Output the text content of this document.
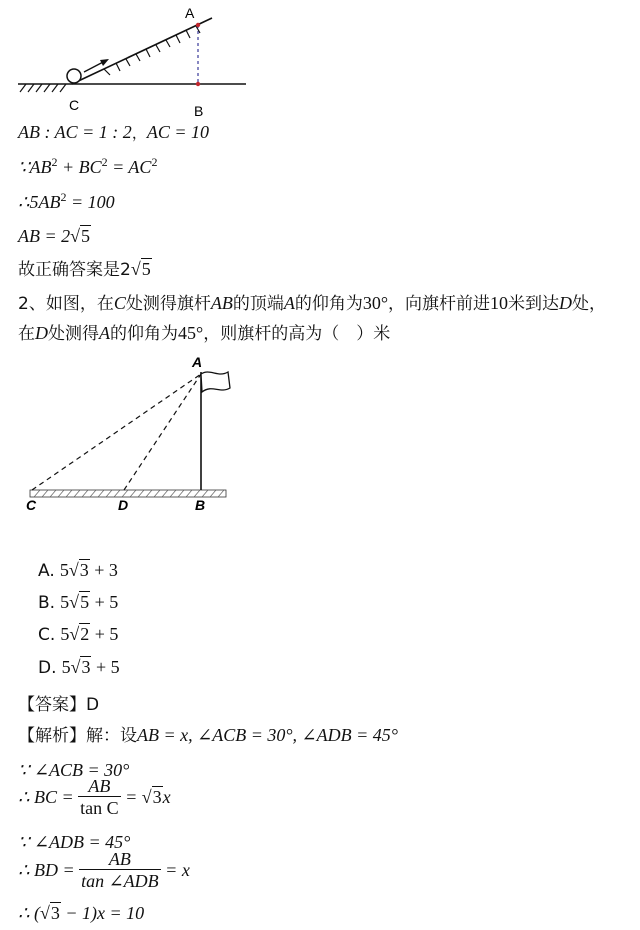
A
B
C
AB : AC = 1 : 2，AC = 10
$\because AB^2 + BC^2 = AC^2$
$\therefore 5AB^2 = 100$
AB = 2√5
故正确答案是2√5
2、如图，在C处测得旗杆AB的顶端A的仰角为30°，向旗杆前进10米到达D处，
在D处测得A的仰角为45°，则旗杆的高为（　）米
A
C	D	B
A. 5√3 + 3
B. 5√5 + 5
C. 5√2 + 5
D. 5√3 + 5
【答案】D
【解析】解：设AB = x, ∠ACB = 30°, ∠ADB = 45°
∵ ∠ACB = 30°
∴ BC = $\frac{AB}{\text{tan C}} = √3x$
∵ ∠ADB = 45°
∴ BD = $\frac{AB}{\text{tan ∠ADB}} = x$
∴ (√3 − 1)x = 10
